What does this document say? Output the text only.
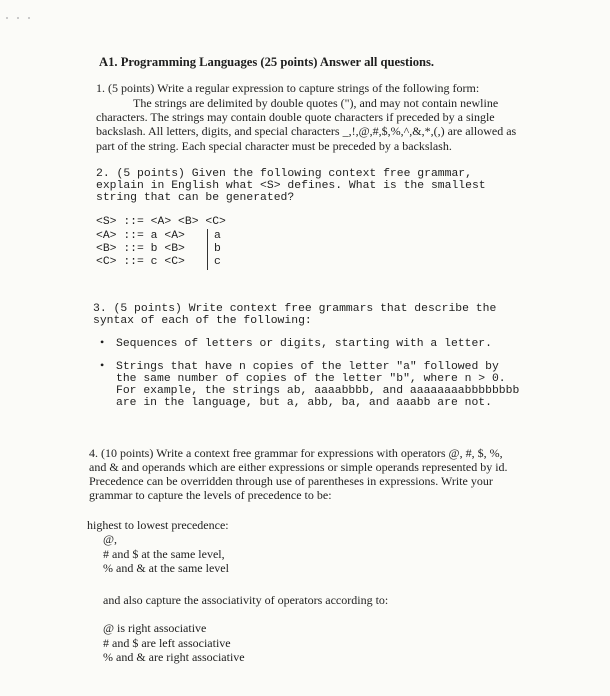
A1. Programming Languages (25 points) Answer all questions.
1. (5 points) Write a regular expression to capture strings of the following form:
The strings are delimited by double quotes ("), and may not contain newline
characters. The strings may contain double quote characters if preceded by a single
backslash. All letters, digits, and special characters _,!,@,#,$,%,^,&,*,(,) are allowed as
part of the string. Each special character must be preceded by a backslash.
2. (5 points) Given the following context free grammar,
explain in English what <S> defines. What is the smallest
string that can be generated?
<S> ::= <A> <B> <C>
<A> ::= a <A>
<B> ::= b <B>
<C> ::= c <C>
a
b
c
3. (5 points) Write context free grammars that describe the
syntax of each of the following:
• Sequences of letters or digits, starting with a letter.
• Strings that have n copies of the letter "a" followed by
the same number of copies of the letter "b", where n > 0.
For example, the strings ab, aaaabbbb, and aaaaaaaabbbbbbbb
are in the language, but a, abb, ba, and aaabb are not.
4. (10 points) Write a context free grammar for expressions with operators @, #, $, %,
and & and operands which are either expressions or simple operands represented by id.
Precedence can be overridden through use of parentheses in expressions. Write your
grammar to capture the levels of precedence to be:
highest to lowest precedence:
@,
# and $ at the same level,
% and & at the same level
and also capture the associativity of operators according to:
@ is right associative
# and $ are left associative
% and & are right associative
